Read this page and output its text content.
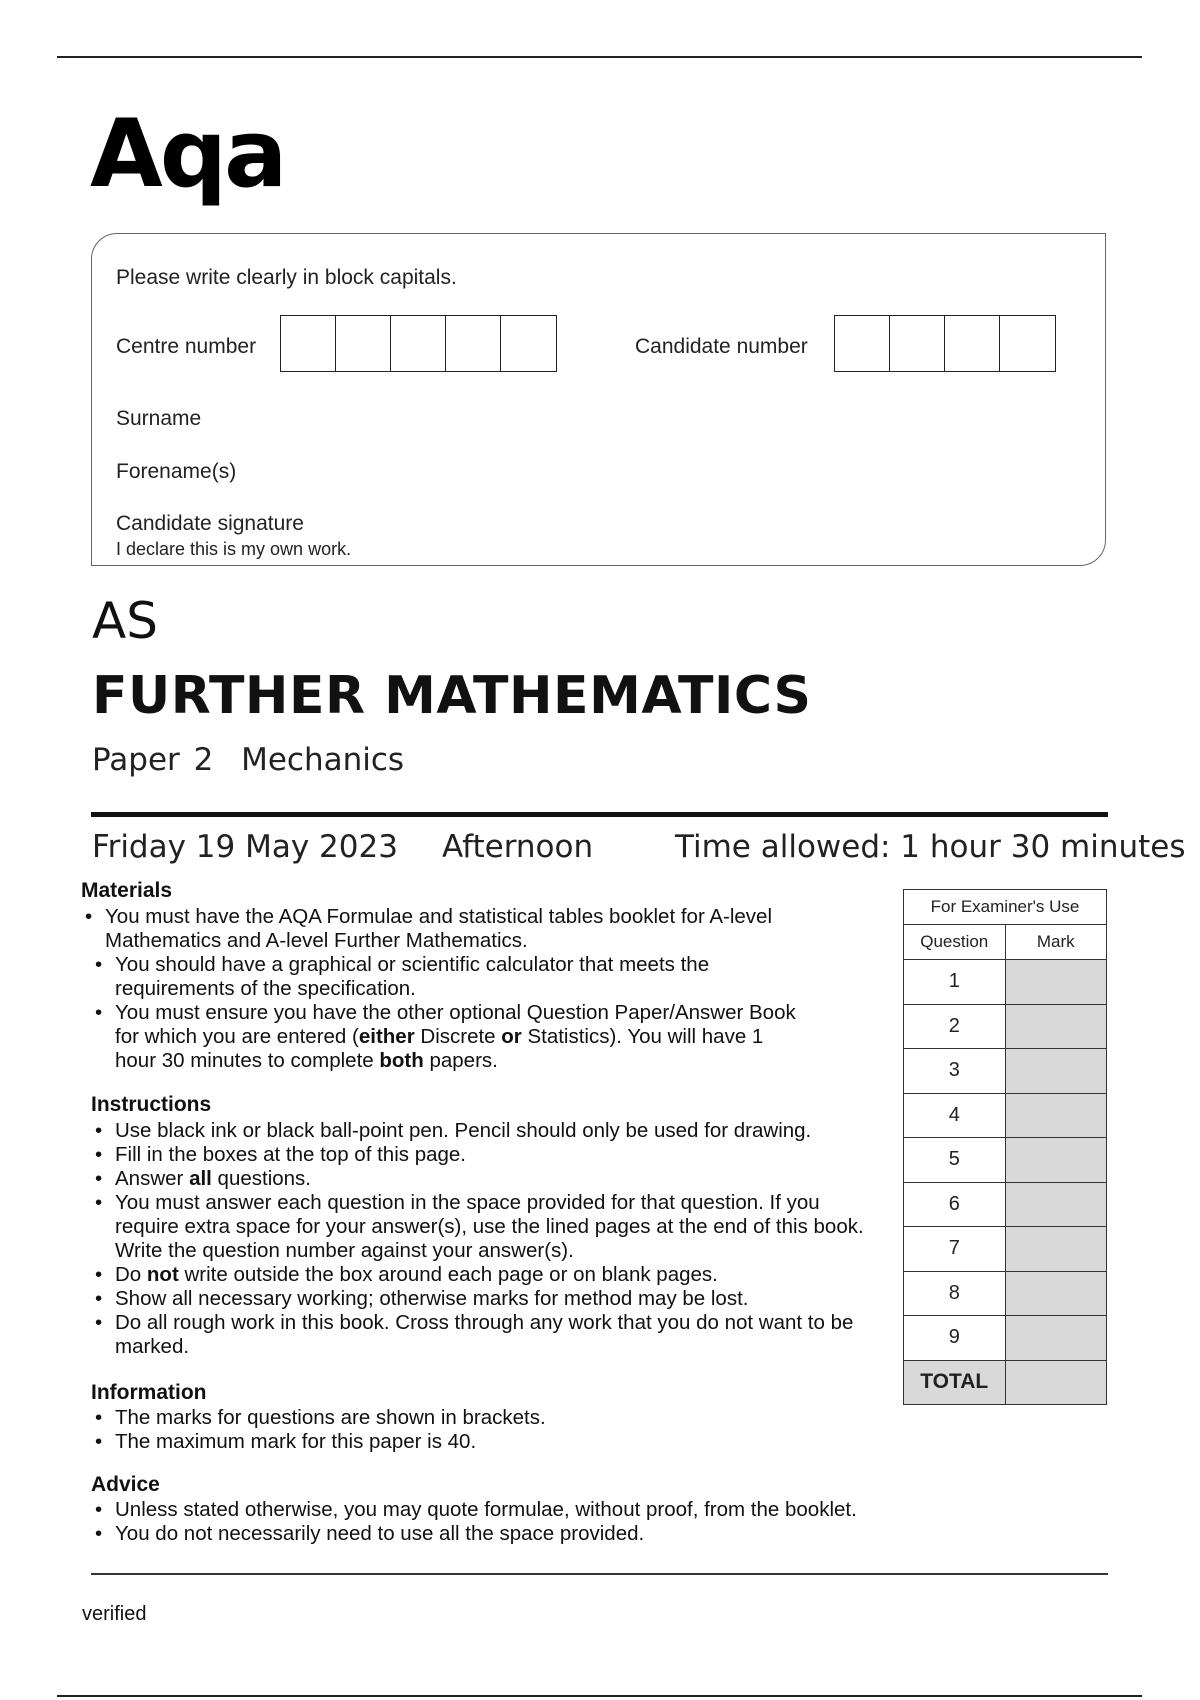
Aqa
Please write clearly in block capitals.
Centre number	Candidate number
Surname
Forename(s)
Candidate signature
I declare this is my own work.
AS
FURTHER MATHEMATICS
Paper 2  Mechanics
Friday 19 May 2023 Afternoon	Time allowed: 1 hour 30 minutes
Materials
• You must have the AQA Formulae and statistical tables booklet for A-level Mathematics and A-level Further Mathematics.
• You should have a graphical or scientific calculator that meets the requirements of the specification.
• You must ensure you have the other optional Question Paper/Answer Book for which you are entered (either Discrete or Statistics). You will have 1 hour 30 minutes to complete both papers.
Instructions
• Use black ink or black ball-point pen. Pencil should only be used for drawing.
• Fill in the boxes at the top of this page.
• Answer all questions.
• You must answer each question in the space provided for that question. If you require extra space for your answer(s), use the lined pages at the end of this book. Write the question number against your answer(s).
• Do not write outside the box around each page or on blank pages.
• Show all necessary working; otherwise marks for method may be lost.
• Do all rough work in this book. Cross through any work that you do not want to be marked.
Information
• The marks for questions are shown in brackets.
• The maximum mark for this paper is 40.
Advice
• Unless stated otherwise, you may quote formulae, without proof, from the booklet.
• You do not necessarily need to use all the space provided.
For Examiner's Use	
Question	Mark
1	
2	
3	
4	
5	
6	
7	
8	
9	
TOTAL	
verified
